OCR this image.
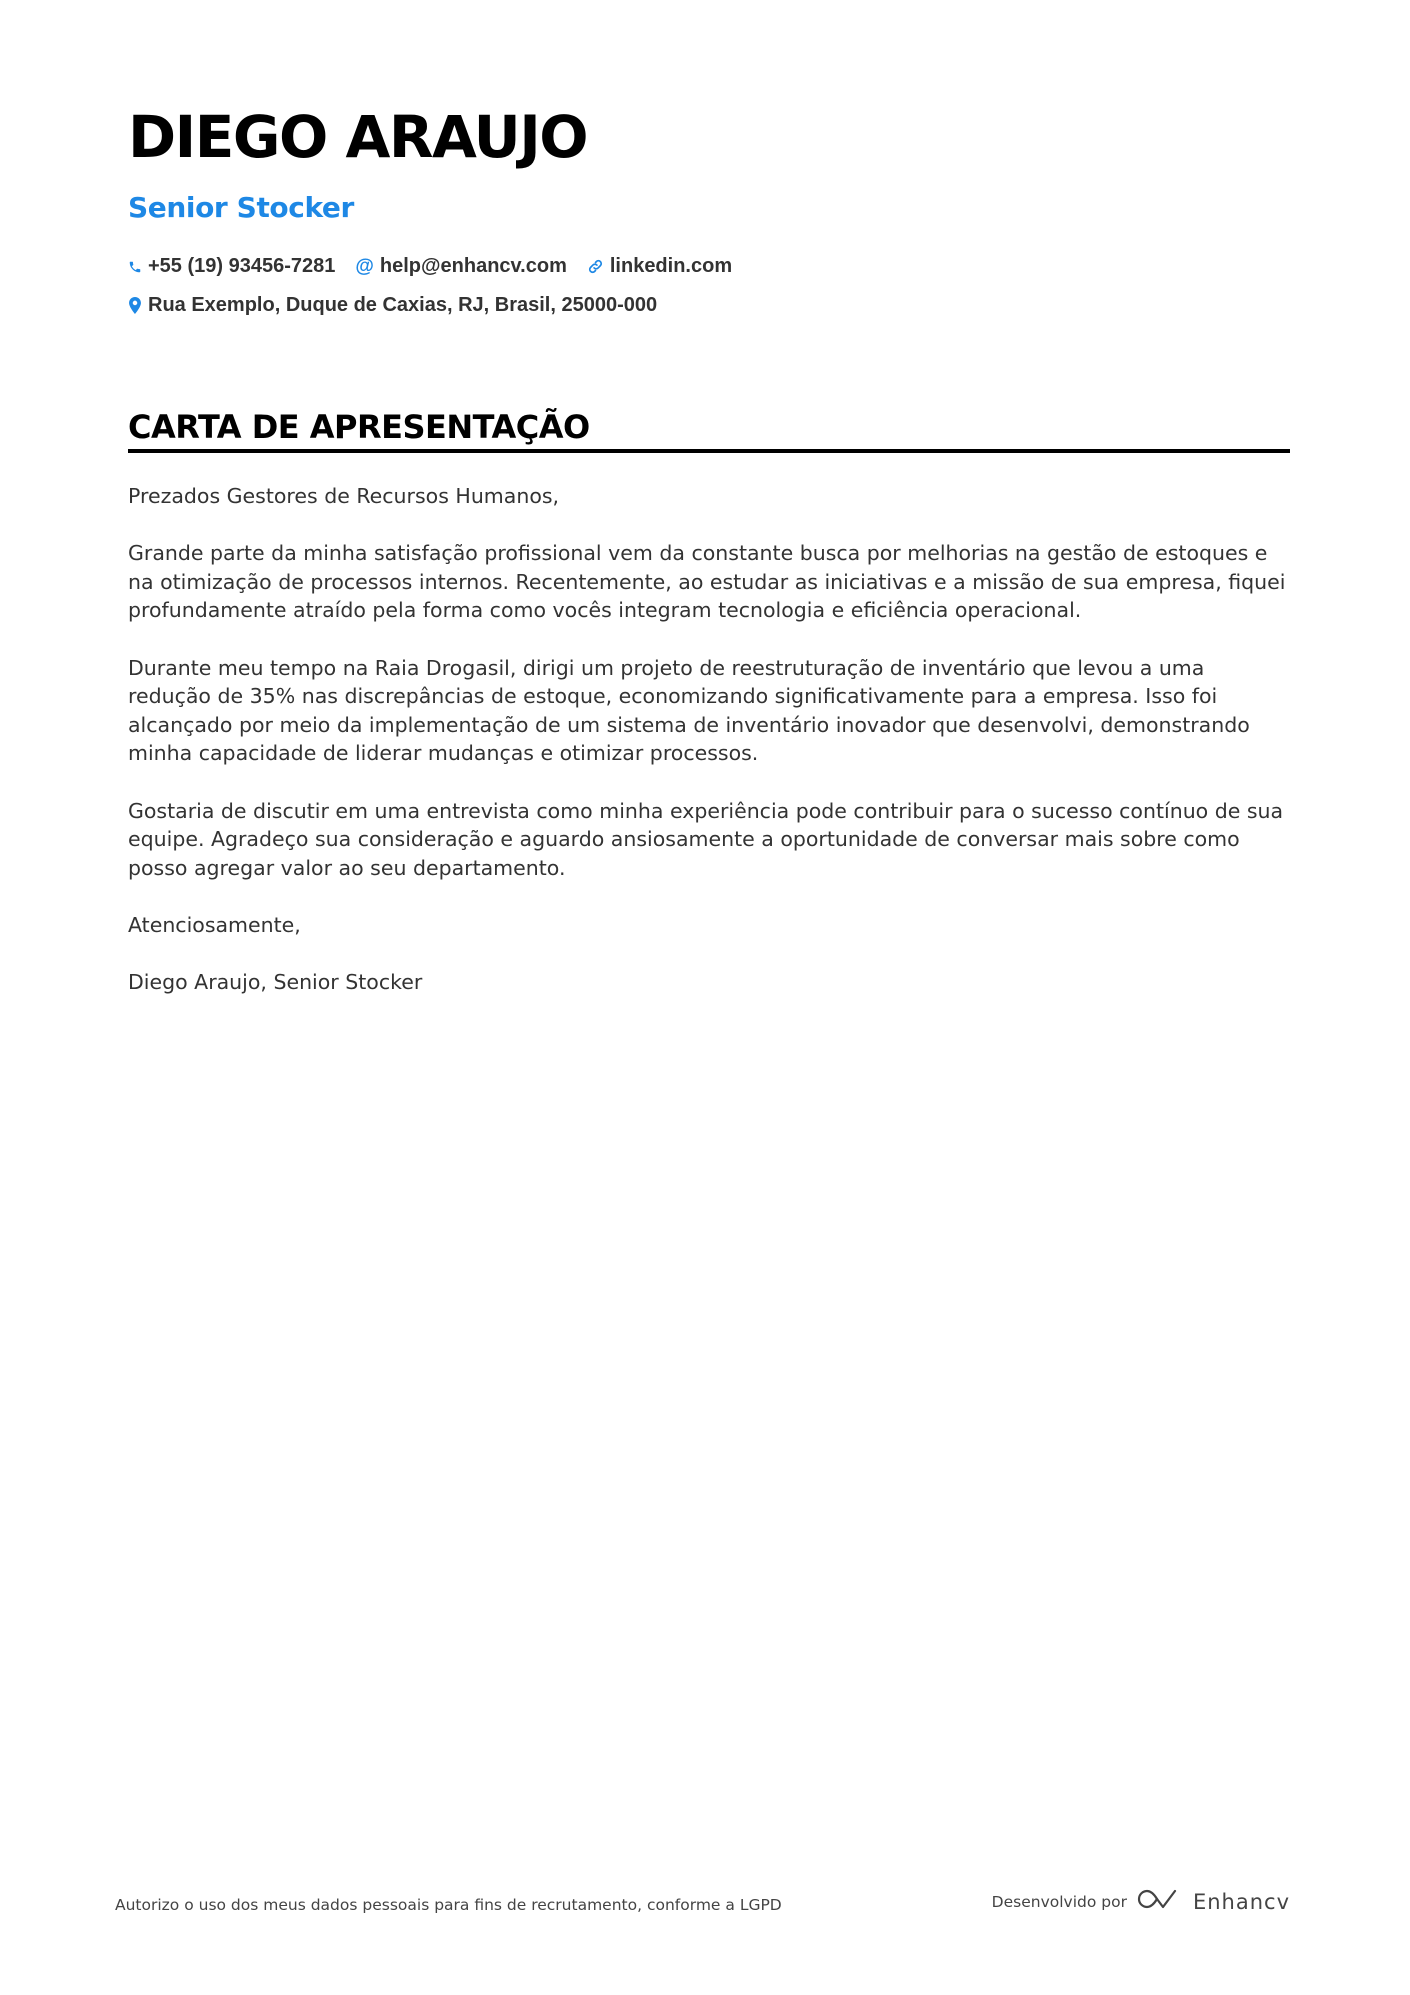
DIEGO ARAUJO
Senior Stocker
+55 (19) 93456-7281 @ help@enhancv.com linkedin.com
Rua Exemplo, Duque de Caxias, RJ, Brasil, 25000-000
CARTA DE APRESENTAÇÃO

Prezados Gestores de Recursos Humanos,

Grande parte da minha satisfação profissional vem da constante busca por melhorias na gestão de estoques e na otimização de processos internos. Recentemente, ao estudar as iniciativas e a missão de sua empresa, fiquei profundamente atraído pela forma como vocês integram tecnologia e eficiência operacional.

Durante meu tempo na Raia Drogasil, dirigi um projeto de reestruturação de inventário que levou a uma redução de 35% nas discrepâncias de estoque, economizando significativamente para a empresa. Isso foi alcançado por meio da implementação de um sistema de inventário inovador que desenvolvi, demonstrando minha capacidade de liderar mudanças e otimizar processos.

Gostaria de discutir em uma entrevista como minha experiência pode contribuir para o sucesso contínuo de sua equipe. Agradeço sua consideração e aguardo ansiosamente a oportunidade de conversar mais sobre como posso agregar valor ao seu departamento.

Atenciosamente,

Diego Araujo, Senior Stocker

Autorizo o uso dos meus dados pessoais para fins de recrutamento, conforme a LGPD	Desenvolvido por	Enhancv
